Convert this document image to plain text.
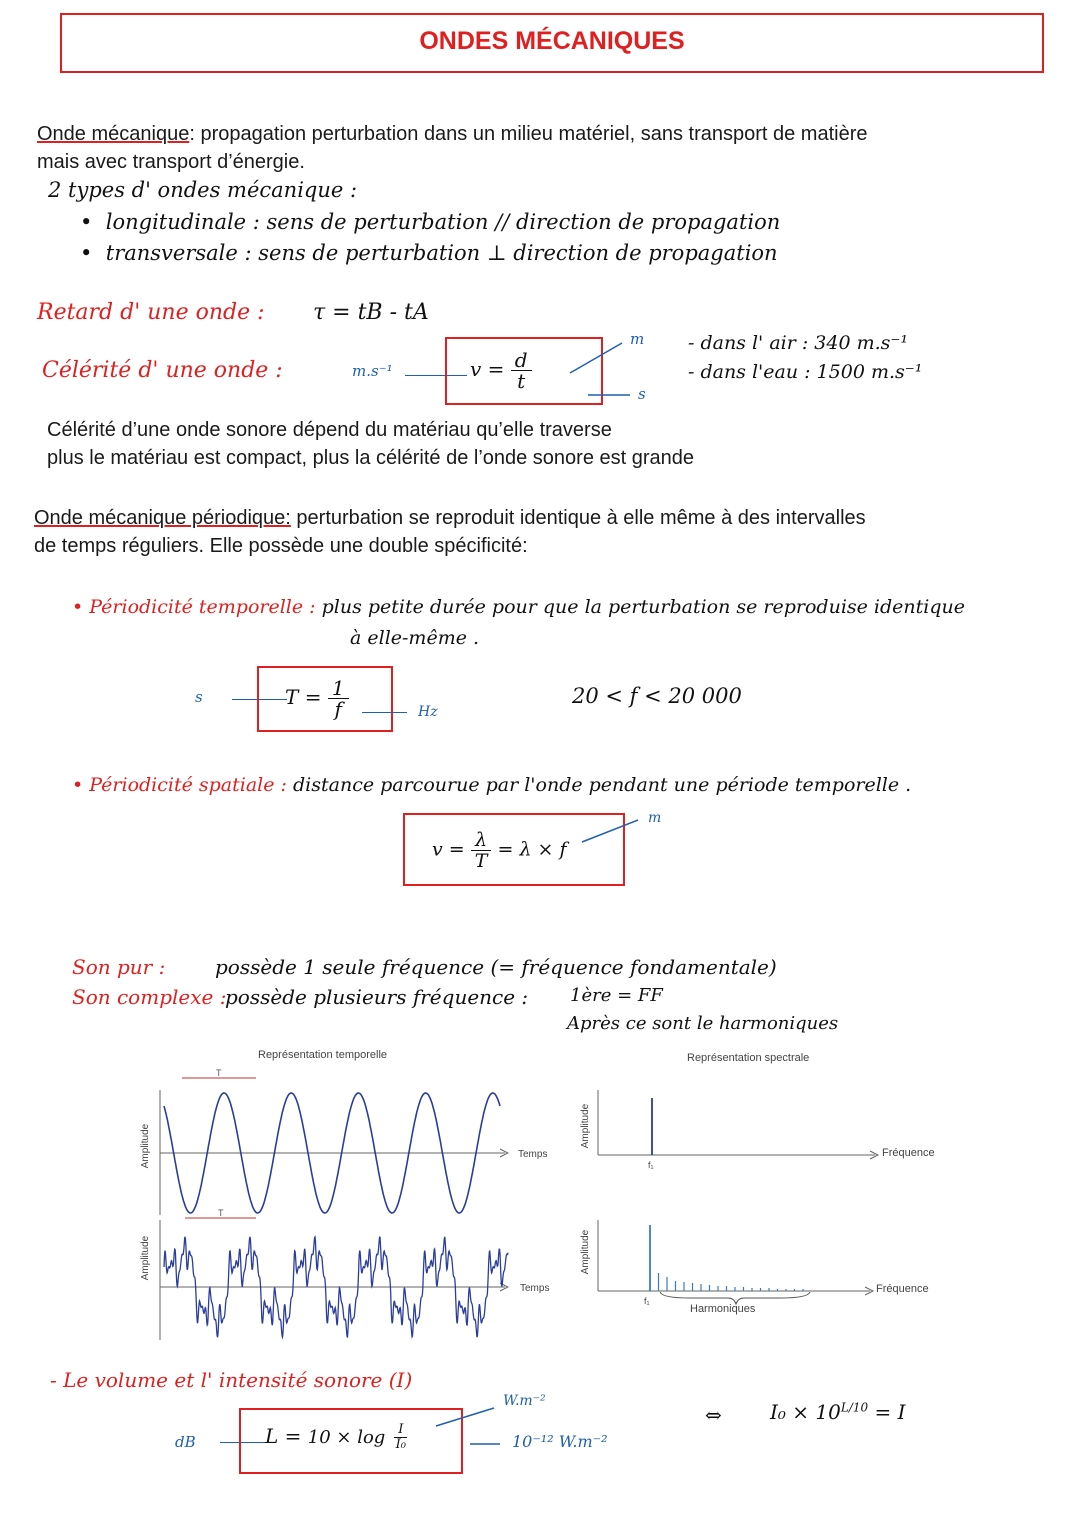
ONDES MÉCANIQUES
Onde mécanique: propagation perturbation dans un milieu matériel, sans transport de matière
mais avec transport d’énergie.
2 types d' ondes mécanique :
•  longitudinale : sens de perturbation // direction de propagation
•  transversale : sens de perturbation ⊥ direction de propagation
Retard d' une onde : τ = tB - tA
Célérité d' une onde :	m.s⁻¹	$v = \frac{d}{t}$
m
s
- dans l' air : 340 m.s⁻¹
- dans l'eau : 1500 m.s⁻¹
Célérité d’une onde sonore dépend du matériau qu’elle traverse
plus le matériau est compact, plus la célérité de l’onde sonore est grande
Onde mécanique périodique: perturbation se reproduit identique à elle même à des intervalles
de temps réguliers. Elle possède une double spécificité:
• Périodicité temporelle : plus petite durée pour que la perturbation se reproduise identique
à elle-même .
s	$T = \frac{1}{f}$	Hz
20 < f < 20 000
• Périodicité spatiale : distance parcourue par l'onde pendant une période temporelle .
$v = \frac{\lambda}{T} = \lambda \times f$
m
Son pur : possède 1 seule fréquence (= fréquence fondamentale)
Son complexe :
possède plusieurs fréquence : 1ère = FF
Après ce sont le harmoniques
Représentation temporelle	Représentation spectrale
Amplitude	Temps
T
Amplitude
f₁
Fréquence
Amplitude
Temps
T
Amplitude
f₁
Harmoniques
Fréquence
- Le volume et l' intensité sonore (I)
dB	$L = 10 \times \log \frac{I}{\text{I₀}}$
W.m⁻²
10⁻¹² W.m⁻²
⇔ $I_0 \times 10^{L/10} = I$
